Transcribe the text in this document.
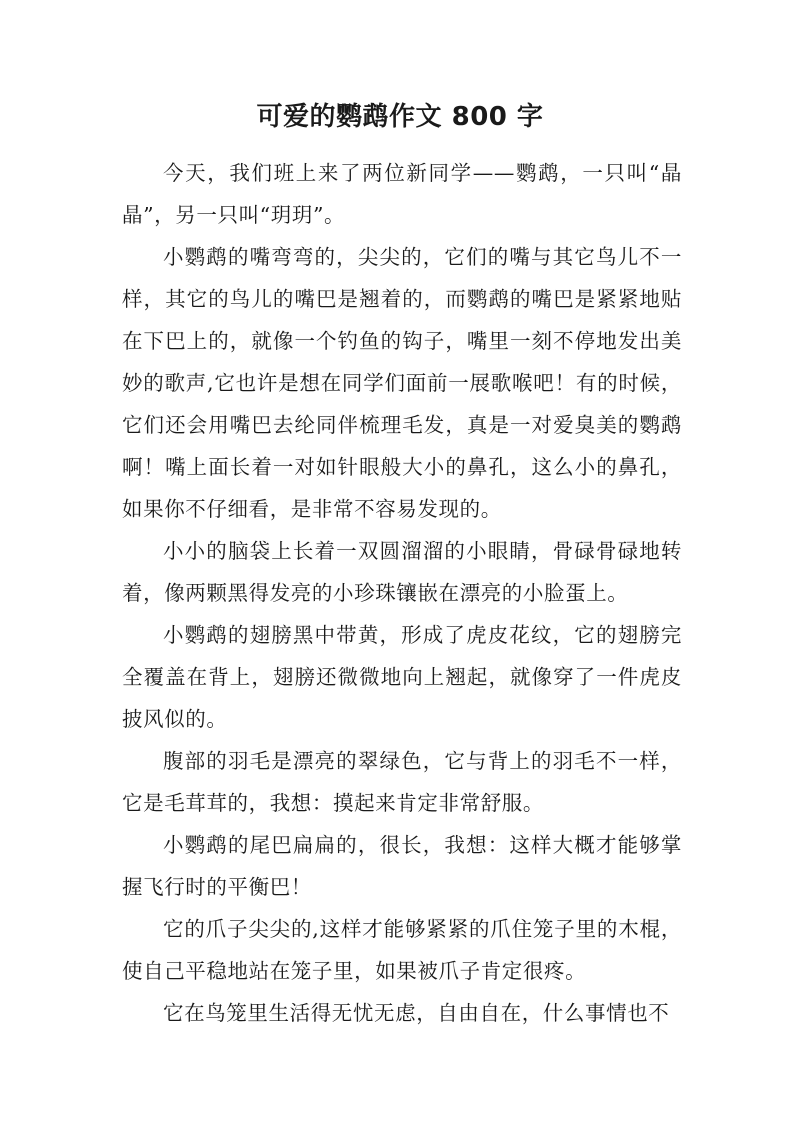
可爱的鹦鹉作文 800 字

今天，我们班上来了两位新同学——鹦鹉，一只叫“晶晶”，另一只叫“玥玥”。

小鹦鹉的嘴弯弯的，尖尖的，它们的嘴与其它鸟儿不一样，其它的鸟儿的嘴巴是翘着的，而鹦鹉的嘴巴是紧紧地贴在下巴上的，就像一个钓鱼的钩子，嘴里一刻不停地发出美妙的歌声,它也许是想在同学们面前一展歌喉吧！有的时候，它们还会用嘴巴去纶同伴梳理毛发，真是一对爱臭美的鹦鹉啊！嘴上面长着一对如针眼般大小的鼻孔，这么小的鼻孔，如果你不仔细看，是非常不容易发现的。

小小的脑袋上长着一双圆溜溜的小眼睛，骨碌骨碌地转着，像两颗黑得发亮的小珍珠镶嵌在漂亮的小脸蛋上。

小鹦鹉的翅膀黑中带黄，形成了虎皮花纹，它的翅膀完全覆盖在背上，翅膀还微微地向上翘起，就像穿了一件虎皮披风似的。

腹部的羽毛是漂亮的翠绿色，它与背上的羽毛不一样，它是毛茸茸的，我想：摸起来肯定非常舒服。

小鹦鹉的尾巴扁扁的，很长，我想：这样大概才能够掌握飞行时的平衡巴！

它的爪子尖尖的,这样才能够紧紧的爪住笼子里的木棍，使自己平稳地站在笼子里，如果被爪子肯定很疼。

它在鸟笼里生活得无忧无虑，自由自在，什么事情也不
